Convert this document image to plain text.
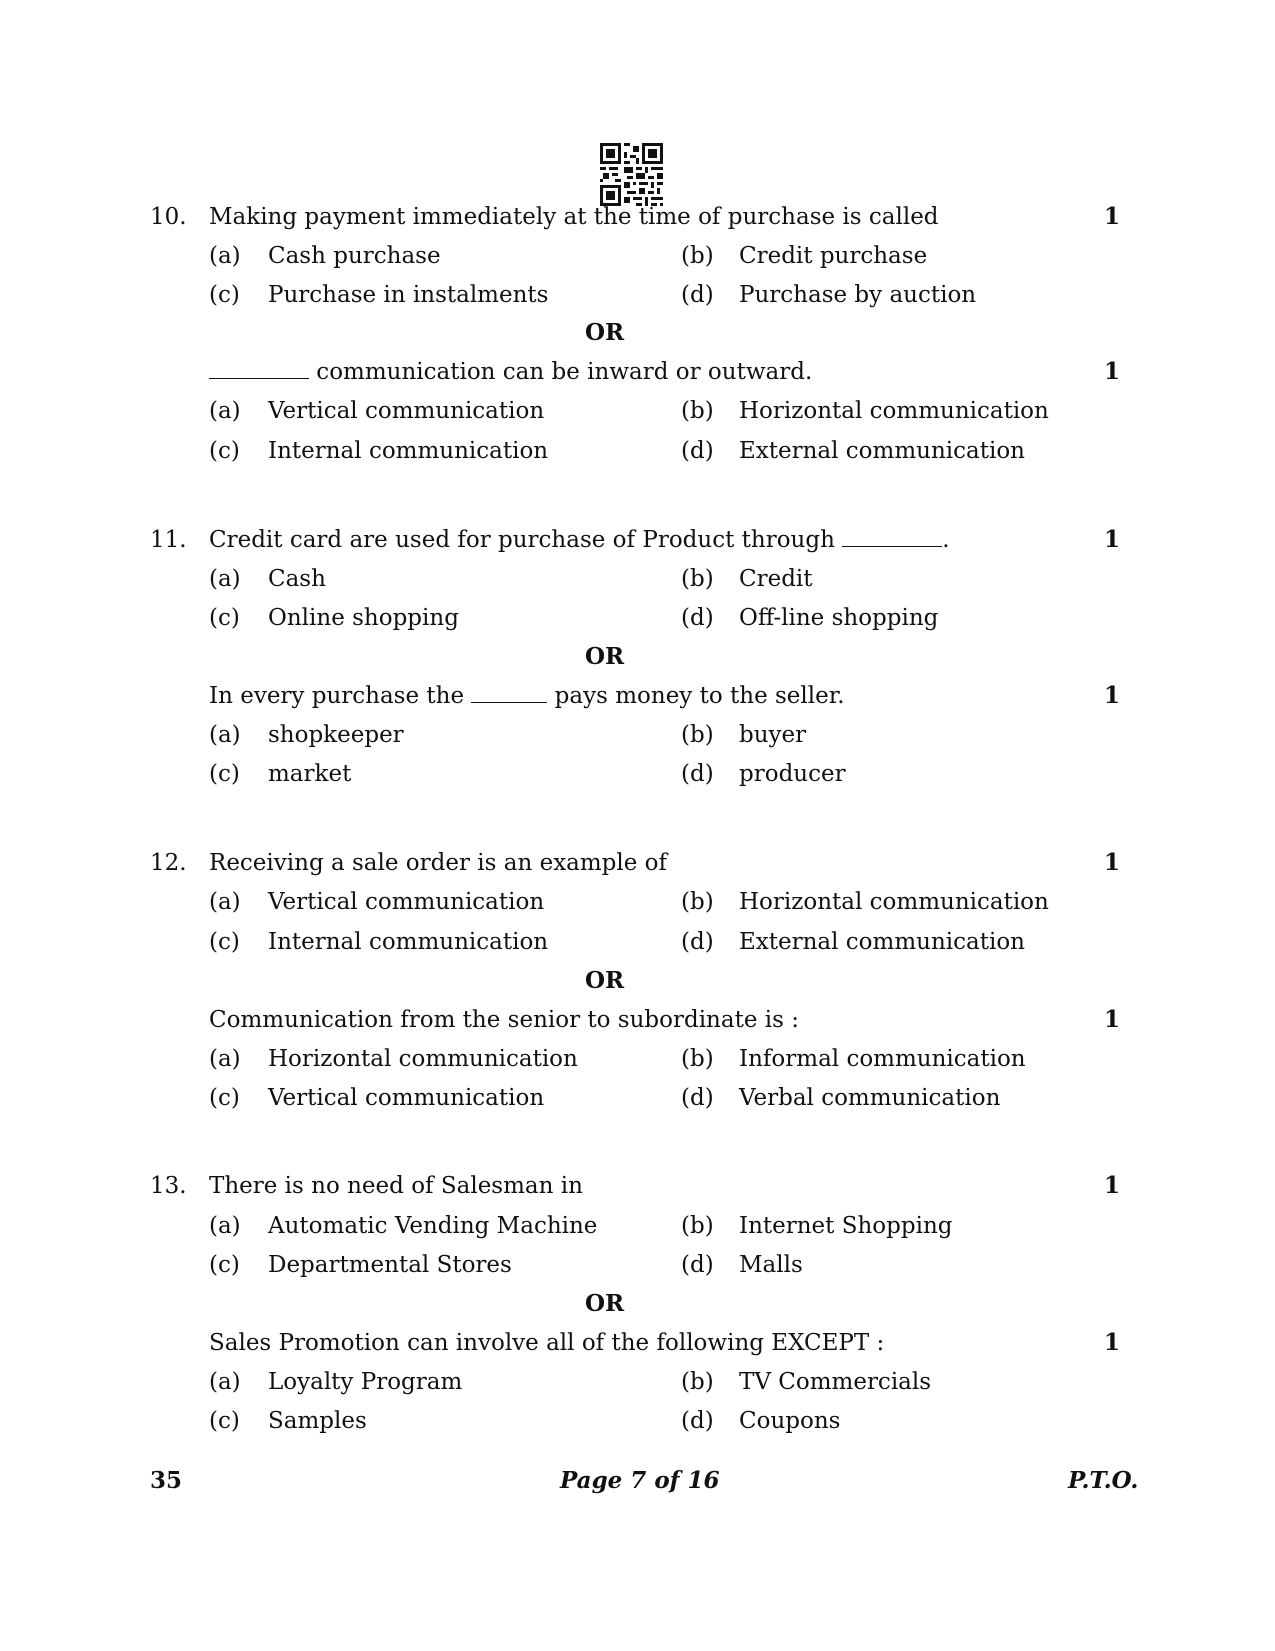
10. Making payment immediately at the time of purchase is called	1
(a) Cash purchase	(b) Credit purchase
(c) Purchase in instalments	(d) Purchase by auction
OR
communication can be inward or outward.	1
(a) Vertical communication	(b) Horizontal communication
(c) Internal communication	(d) External communication
11. Credit card are used for purchase of Product through	.	1
(a) Cash	(b) Credit
(c) Online shopping	(d) Off-line shopping
OR
In every purchase the	pays money to the seller.	1
(a) shopkeeper	(b) buyer
(c) market	(d) producer
12. Receiving a sale order is an example of	1
(a) Vertical communication	(b) Horizontal communication
(c) Internal communication	(d) External communication
OR
Communication from the senior to subordinate is :	1
(a) Horizontal communication	(b) Informal communication
(c) Vertical communication	(d) Verbal communication
13. There is no need of Salesman in	1
(a) Automatic Vending Machine	(b) Internet Shopping
(c) Departmental Stores	(d) Malls
OR
Sales Promotion can involve all of the following EXCEPT :	1
(a) Loyalty Program	(b) TV Commercials
(c) Samples	(d) Coupons
35	Page 7 of 16	P.T.O.
